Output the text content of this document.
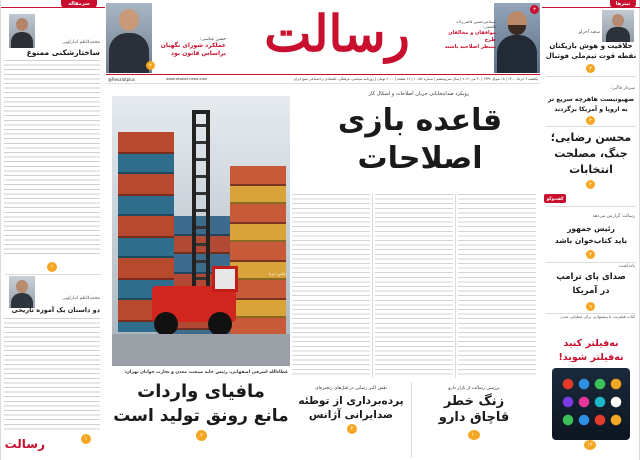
حسن عباسی:
عملکرد شورای نگهبان
براساس قانون بود
۲
رسالت	سیدامیرحسین قاضی‌زاده هاشمی:
موافقان و مخالفان طرح
منتظر اصلاحیه باشند
۳
یکشنبه ۹ خرداد ۱۴۰۰ | ۱۸ شوال ۱۴۴۲ | ۳۰ می ۲۰۲۱ | سال سی‌وششم | شماره ۱۰۱۵۲ | ۱۲ صفحه | ۲۰۰۰ تومان | روزنامه سیاسی، فرهنگی، اقتصادی و اجتماعی صبح ایران
www.resalat-news.com
@Resalatplus
سرمقاله
محمدکاظم انبارلویی
ساختارشکنی ممنوع
۱
محمدکاظم انبارلویی
دو داستان یک آموزه تاریخی
۱
رسالت
رویکرد ضدانتخاباتی جریان اصلاحات و اشکال کار
قاعده بازی
اصلاحات
عکس: ایرنا
عطاءالله اشرفی اصفهانی، رئیس خانه صنعت، معدن و تجارت جوانان تهران:
مافیای واردات
مانع رونق تولید است
۴
نقش اکبر رضایی در قتل‌های زنجیره‌ای
پرده‌برداری از توطئه
ضدایرانی آژانس
۲
بررسی رسالت از بازار دارو
زنگ خطر
قاچاق دارو
۱۰
تیترها
سعید آجرلو
خلاقیت و هوش بازیکنان
نقطه قوت تیم‌ملی فوتبال
۳
سردار قاآنی:
صهیونیست هاهرچه سریع تر
به اروپا و آمریکا برگردند
۲
محسن رضایی؛
جنگ، مصلحت
انتخابات
گفت‌وگو
۲
رسالت گزارش می‌دهد
رئیس جمهور
باید کتاب‌خوان باشد
۳
یادداشت
صدای پای ترامپ
در آمریکا
۹
کتاب فیلترنت یا پیشنهادی برای عملیاتی شدن
نه‌فیلتر کنید
نه‌فیلتر شوید!
۱۲
